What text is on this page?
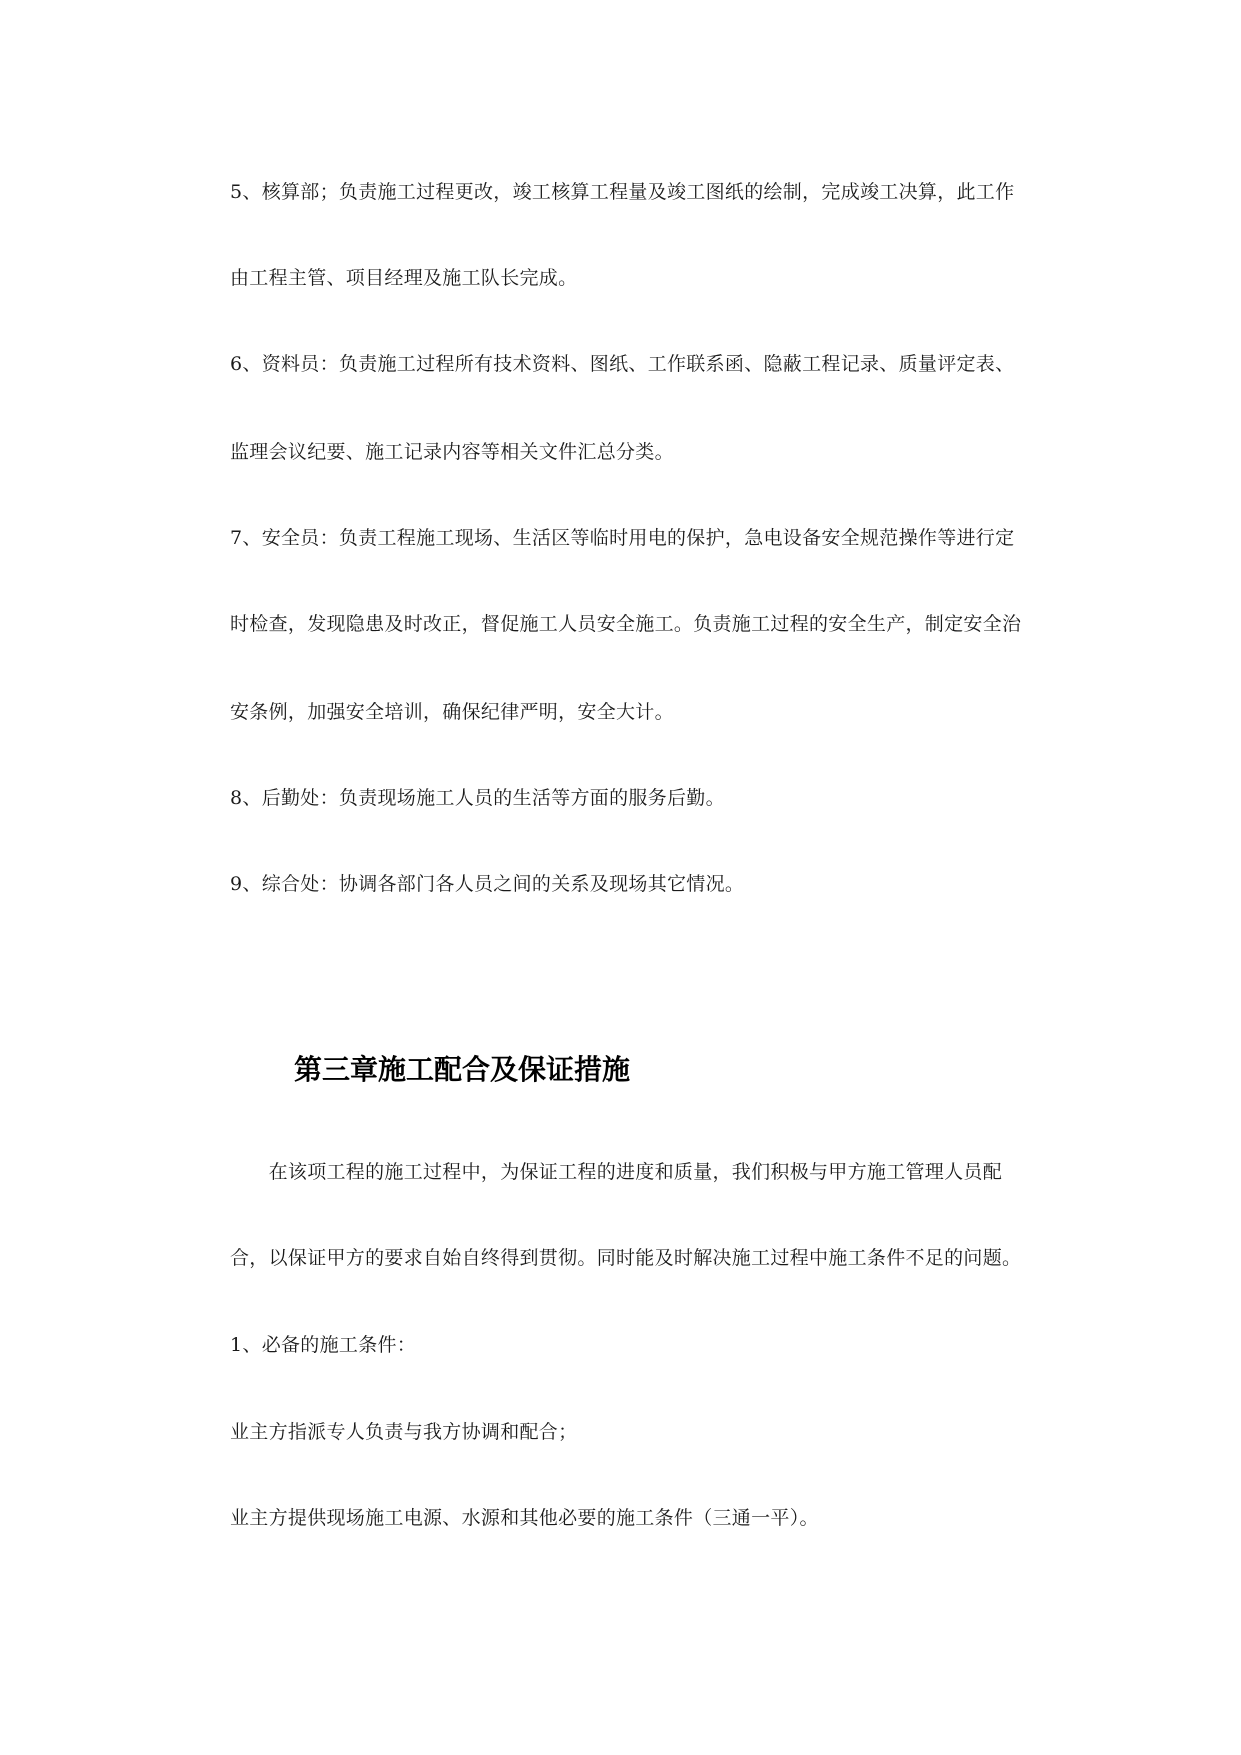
5、核算部；负责施工过程更改，竣工核算工程量及竣工图纸的绘制，完成竣工决算，此工作
由工程主管、项目经理及施工队长完成。
6、资料员：负责施工过程所有技术资料、图纸、工作联系函、隐蔽工程记录、质量评定表、
监理会议纪要、施工记录内容等相关文件汇总分类。
7、安全员：负责工程施工现场、生活区等临时用电的保护，急电设备安全规范操作等进行定
时检查，发现隐患及时改正，督促施工人员安全施工。负责施工过程的安全生产，制定安全治
安条例，加强安全培训，确保纪律严明，安全大计。
8、后勤处：负责现场施工人员的生活等方面的服务后勤。
9、综合处：协调各部门各人员之间的关系及现场其它情况。
第三章施工配合及保证措施
　　在该项工程的施工过程中，为保证工程的进度和质量，我们积极与甲方施工管理人员配
合，以保证甲方的要求自始自终得到贯彻。同时能及时解决施工过程中施工条件不足的问题。
1、必备的施工条件：
业主方指派专人负责与我方协调和配合；
业主方提供现场施工电源、水源和其他必要的施工条件（三通一平）。
